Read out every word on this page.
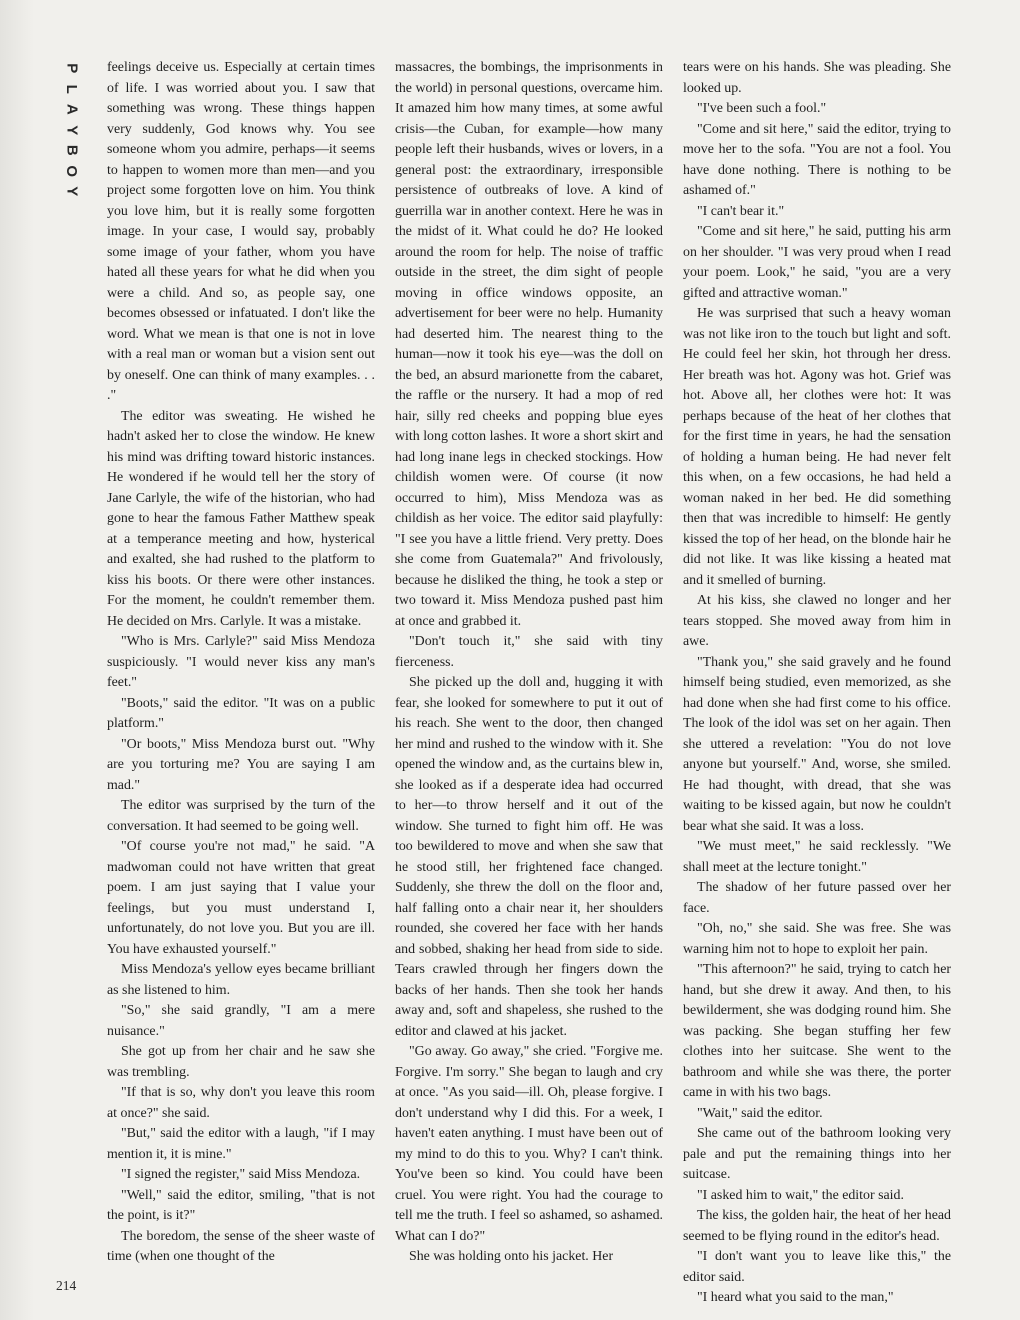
P
L
A
Y
B
O
Y

feelings deceive us. Especially at certain times of life. I was worried about you. I saw that something was wrong. These things happen very suddenly, God knows why. You see someone whom you admire, perhaps—it seems to happen to women more than men—and you project some forgotten love on him. You think you love him, but it is really some forgotten image. In your case, I would say, probably some image of your father, whom you have hated all these years for what he did when you were a child. And so, as people say, one becomes obsessed or infatuated. I don't like the word. What we mean is that one is not in love with a real man or woman but a vision sent out by oneself. One can think of many examples. . . ."

The editor was sweating. He wished he hadn't asked her to close the window. He knew his mind was drifting toward historic instances. He wondered if he would tell her the story of Jane Carlyle, the wife of the historian, who had gone to hear the famous Father Matthew speak at a temperance meeting and how, hysterical and exalted, she had rushed to the platform to kiss his boots. Or there were other instances. For the moment, he couldn't remember them. He decided on Mrs. Carlyle. It was a mistake.

"Who is Mrs. Carlyle?" said Miss Mendoza suspiciously. "I would never kiss any man's feet."

"Boots," said the editor. "It was on a public platform."

"Or boots," Miss Mendoza burst out. "Why are you torturing me? You are saying I am mad."

The editor was surprised by the turn of the conversation. It had seemed to be going well.

"Of course you're not mad," he said. "A madwoman could not have written that great poem. I am just saying that I value your feelings, but you must understand I, unfortunately, do not love you. But you are ill. You have exhausted yourself."

Miss Mendoza's yellow eyes became brilliant as she listened to him.

"So," she said grandly, "I am a mere nuisance."

She got up from her chair and he saw she was trembling.

"If that is so, why don't you leave this room at once?" she said.

"But," said the editor with a laugh, "if I may mention it, it is mine."

"I signed the register," said Miss Mendoza.

"Well," said the editor, smiling, "that is not the point, is it?"

The boredom, the sense of the sheer waste of time (when one thought of the

massacres, the bombings, the imprisonments in the world) in personal questions, overcame him. It amazed him how many times, at some awful crisis—the Cuban, for example—how many people left their husbands, wives or lovers, in a general post: the extraordinary, irresponsible persistence of outbreaks of love. A kind of guerrilla war in another context. Here he was in the midst of it. What could he do? He looked around the room for help. The noise of traffic outside in the street, the dim sight of people moving in office windows opposite, an advertisement for beer were no help. Humanity had deserted him. The nearest thing to the human—now it took his eye—was the doll on the bed, an absurd marionette from the cabaret, the raffle or the nursery. It had a mop of red hair, silly red cheeks and popping blue eyes with long cotton lashes. It wore a short skirt and had long inane legs in checked stockings. How childish women were. Of course (it now occurred to him), Miss Mendoza was as childish as her voice. The editor said playfully: "I see you have a little friend. Very pretty. Does she come from Guatemala?" And frivolously, because he disliked the thing, he took a step or two toward it. Miss Mendoza pushed past him at once and grabbed it.

"Don't touch it," she said with tiny fierceness.

She picked up the doll and, hugging it with fear, she looked for somewhere to put it out of his reach. She went to the door, then changed her mind and rushed to the window with it. She opened the window and, as the curtains blew in, she looked as if a desperate idea had occurred to her—to throw herself and it out of the window. She turned to fight him off. He was too bewildered to move and when she saw that he stood still, her frightened face changed. Suddenly, she threw the doll on the floor and, half falling onto a chair near it, her shoulders rounded, she covered her face with her hands and sobbed, shaking her head from side to side. Tears crawled through her fingers down the backs of her hands. Then she took her hands away and, soft and shapeless, she rushed to the editor and clawed at his jacket.

"Go away. Go away," she cried. "Forgive me. Forgive. I'm sorry." She began to laugh and cry at once. "As you said—ill. Oh, please forgive. I don't understand why I did this. For a week, I haven't eaten anything. I must have been out of my mind to do this to you. Why? I can't think. You've been so kind. You could have been cruel. You were right. You had the courage to tell me the truth. I feel so ashamed, so ashamed. What can I do?"

She was holding onto his jacket. Her

tears were on his hands. She was pleading. She looked up.

"I've been such a fool."

"Come and sit here," said the editor, trying to move her to the sofa. "You are not a fool. You have done nothing. There is nothing to be ashamed of."

"I can't bear it."

"Come and sit here," he said, putting his arm on her shoulder. "I was very proud when I read your poem. Look," he said, "you are a very gifted and attractive woman."

He was surprised that such a heavy woman was not like iron to the touch but light and soft. He could feel her skin, hot through her dress. Her breath was hot. Agony was hot. Grief was hot. Above all, her clothes were hot: It was perhaps because of the heat of her clothes that for the first time in years, he had the sensation of holding a human being. He had never felt this when, on a few occasions, he had held a woman naked in her bed. He did something then that was incredible to himself: He gently kissed the top of her head, on the blonde hair he did not like. It was like kissing a heated mat and it smelled of burning.

At his kiss, she clawed no longer and her tears stopped. She moved away from him in awe.

"Thank you," she said gravely and he found himself being studied, even memorized, as she had done when she had first come to his office. The look of the idol was set on her again. Then she uttered a revelation: "You do not love anyone but yourself." And, worse, she smiled. He had thought, with dread, that she was waiting to be kissed again, but now he couldn't bear what she said. It was a loss.

"We must meet," he said recklessly. "We shall meet at the lecture tonight."

The shadow of her future passed over her face.

"Oh, no," she said. She was free. She was warning him not to hope to exploit her pain.

"This afternoon?" he said, trying to catch her hand, but she drew it away. And then, to his bewilderment, she was dodging round him. She was packing. She began stuffing her few clothes into her suitcase. She went to the bathroom and while she was there, the porter came in with his two bags.

"Wait," said the editor.

She came out of the bathroom looking very pale and put the remaining things into her suitcase.

"I asked him to wait," the editor said.

The kiss, the golden hair, the heat of her head seemed to be flying round in the editor's head.

"I don't want you to leave like this," the editor said.

"I heard what you said to the man,"

214
